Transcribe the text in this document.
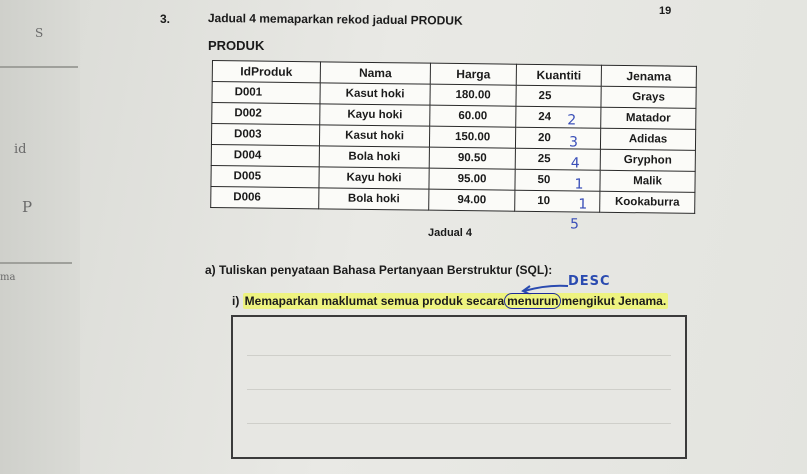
S
id
P
ma
19
3.	Jadual 4 memaparkan rekod jadual PRODUK
PRODUK
IdProduk	Nama	Harga	Kuantiti	Jenama
D001	Kasut hoki	180.00	25	Grays
D002	Kayu hoki	60.00	24	Matador
D003	Kasut hoki	150.00	20	Adidas
D004	Bola hoki	90.50	25	Gryphon
D005	Kayu hoki	95.00	50	Malik
D006	Bola hoki	94.00	10	Kookaburra
2
3
4
1
1
5
Jadual 4
a) Tuliskan penyataan Bahasa Pertanyaan Berstruktur (SQL):
DESC
i) Memaparkan maklumat semua produk secara menurun mengikut Jenama.
